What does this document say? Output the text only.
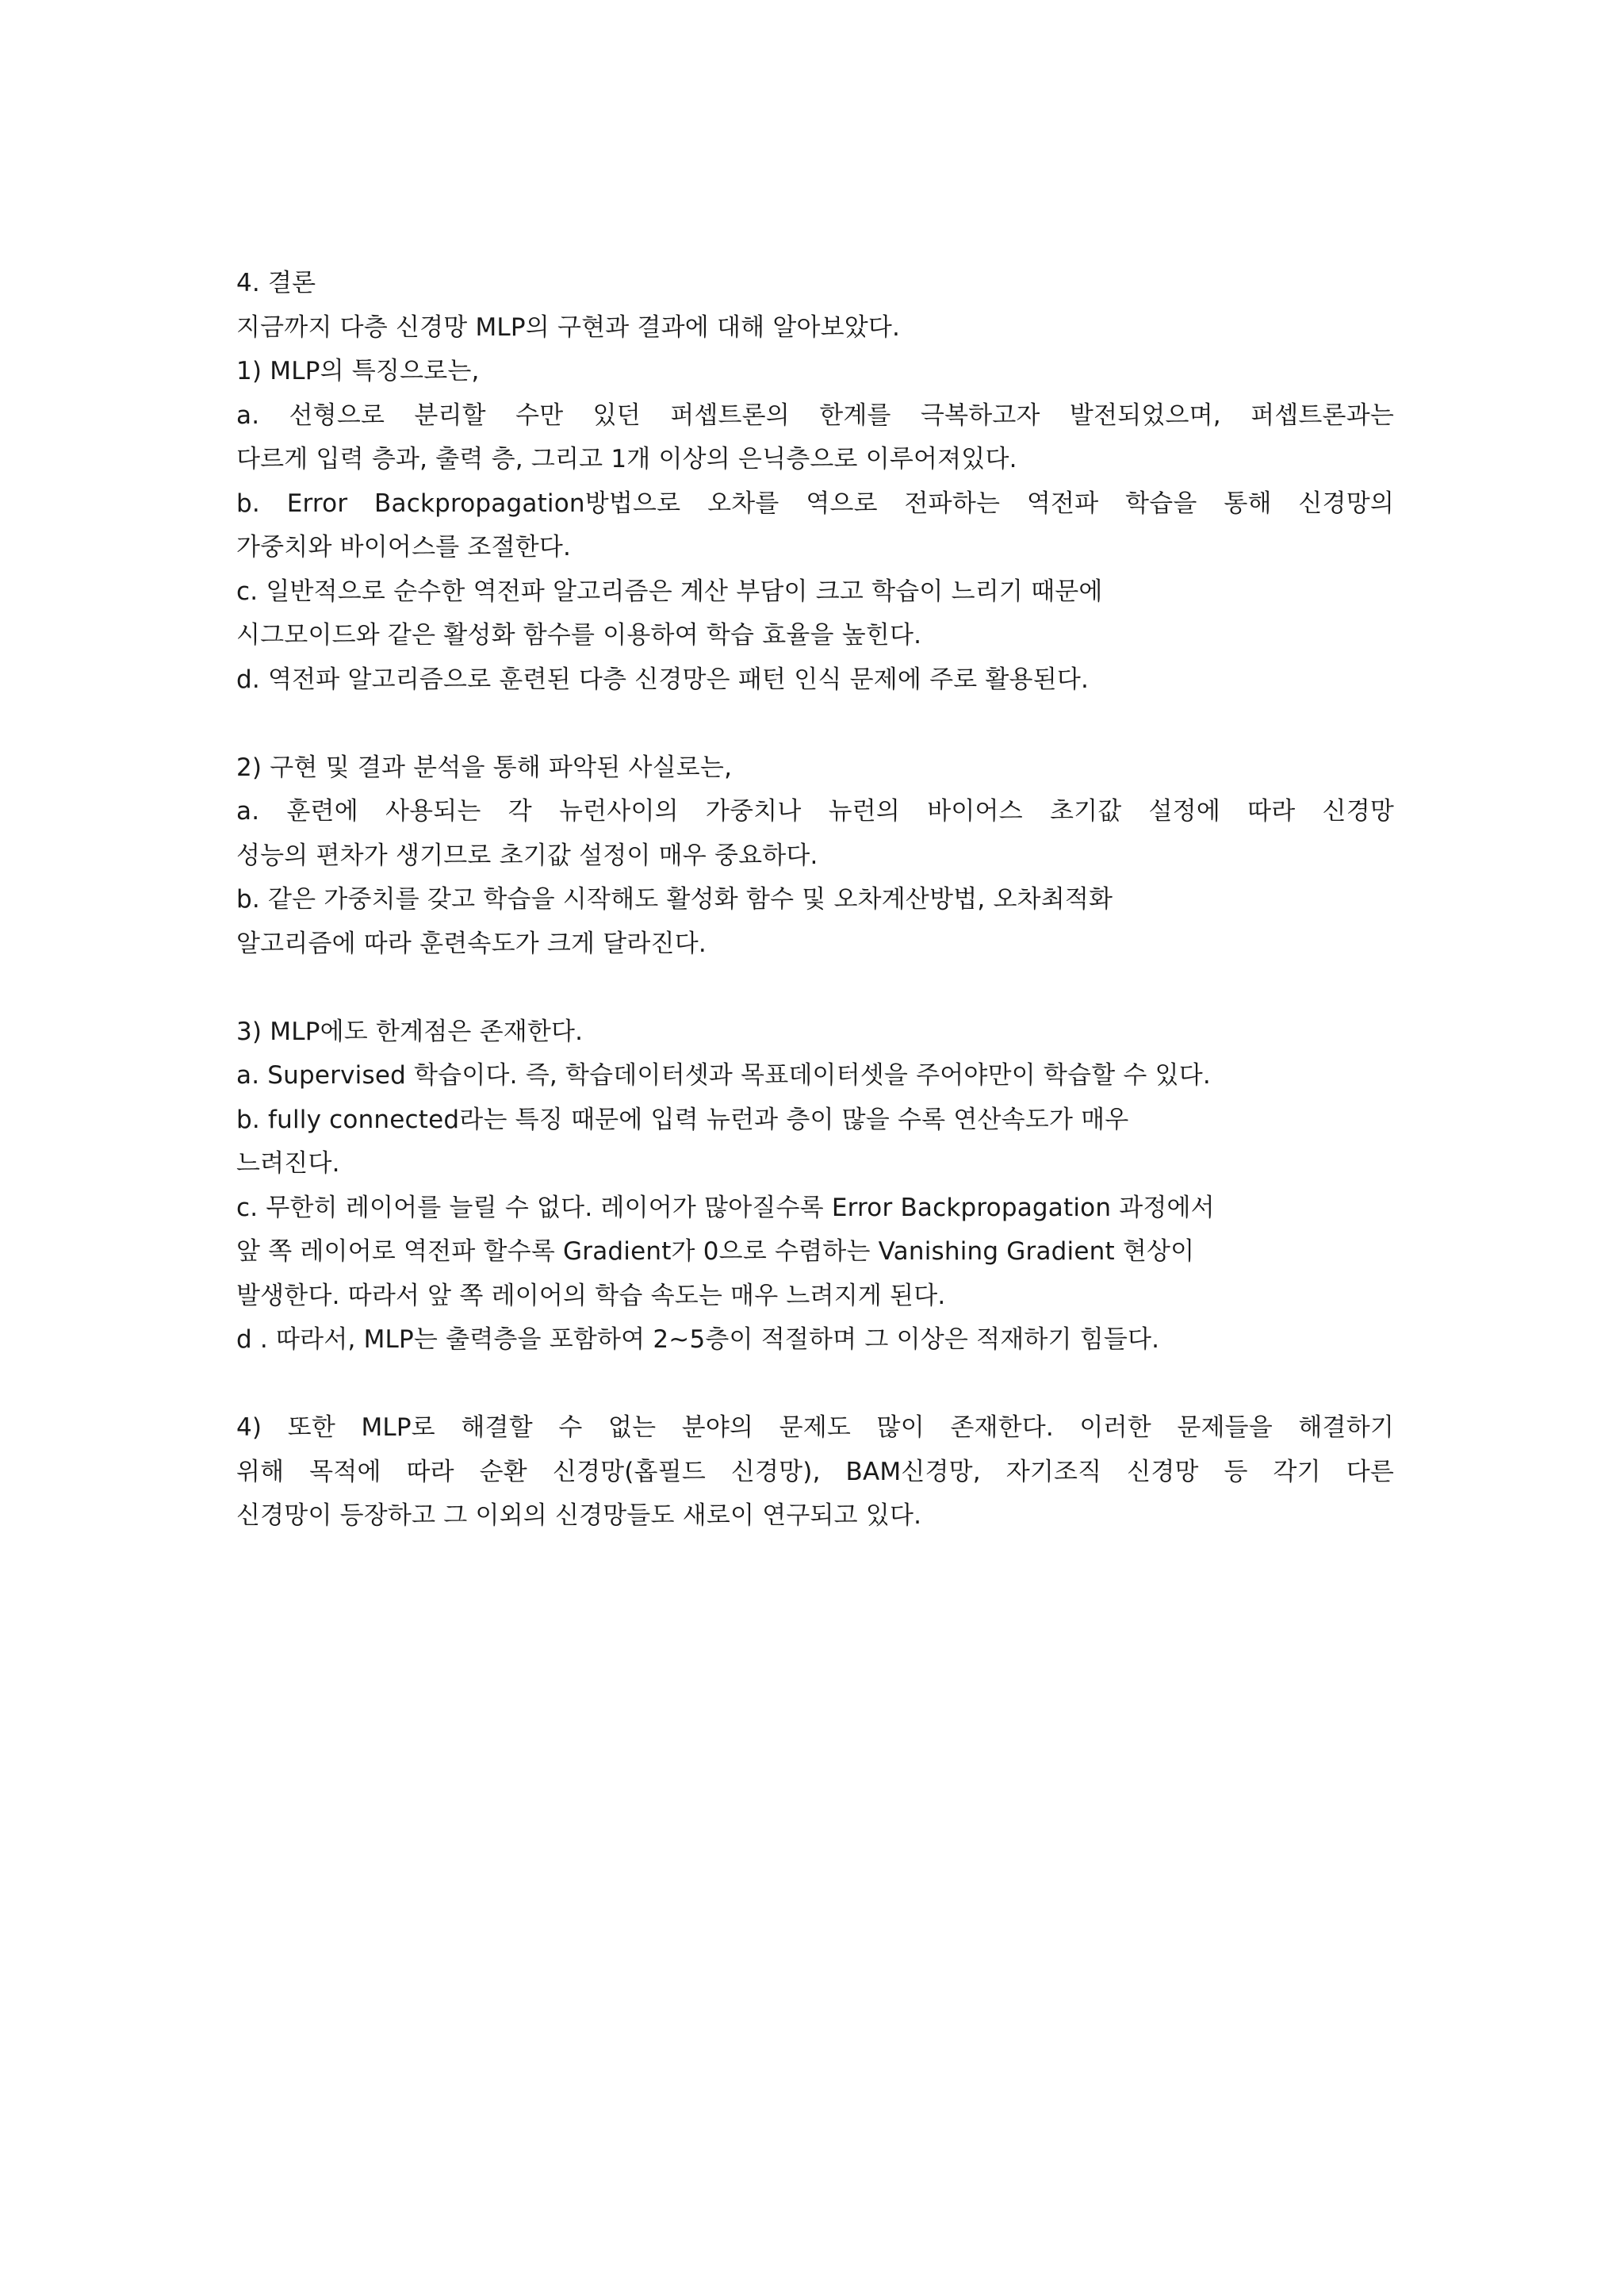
4. 결론
지금까지 다층 신경망 MLP의 구현과 결과에 대해 알아보았다.
1) MLP의 특징으로는,
a. 선형으로 분리할 수만 있던 퍼셉트론의 한계를 극복하고자 발전되었으며, 퍼셉트론과는
다르게 입력 층과, 출력 층, 그리고 1개 이상의 은닉층으로 이루어져있다.
b. Error Backpropagation방법으로 오차를 역으로 전파하는 역전파 학습을 통해 신경망의
가중치와 바이어스를 조절한다.
c. 일반적으로 순수한 역전파 알고리즘은 계산 부담이 크고 학습이 느리기 때문에
시그모이드와 같은 활성화 함수를 이용하여 학습 효율을 높힌다.
d. 역전파 알고리즘으로 훈련된 다층 신경망은 패턴 인식 문제에 주로 활용된다.
2) 구현 및 결과 분석을 통해 파악된 사실로는,
a. 훈련에 사용되는 각 뉴런사이의 가중치나 뉴런의 바이어스 초기값 설정에 따라 신경망
성능의 편차가 생기므로 초기값 설정이 매우 중요하다.
b. 같은 가중치를 갖고 학습을 시작해도 활성화 함수 및 오차계산방법, 오차최적화
알고리즘에 따라 훈련속도가 크게 달라진다.
3) MLP에도 한계점은 존재한다.
a. Supervised 학습이다. 즉, 학습데이터셋과 목표데이터셋을 주어야만이 학습할 수 있다.
b. fully connected라는 특징 때문에 입력 뉴런과 층이 많을 수록 연산속도가 매우
느려진다.
c. 무한히 레이어를 늘릴 수 없다. 레이어가 많아질수록 Error Backpropagation 과정에서
앞 쪽 레이어로 역전파 할수록 Gradient가 0으로 수렴하는 Vanishing Gradient 현상이
발생한다. 따라서 앞 쪽 레이어의 학습 속도는 매우 느려지게 된다.
d . 따라서, MLP는 출력층을 포함하여 2~5층이 적절하며 그 이상은 적재하기 힘들다.
4) 또한 MLP로 해결할 수 없는 분야의 문제도 많이 존재한다. 이러한 문제들을 해결하기
위해 목적에 따라 순환 신경망(홉필드 신경망), BAM신경망, 자기조직 신경망 등 각기 다른
신경망이 등장하고 그 이외의 신경망들도 새로이 연구되고 있다.
